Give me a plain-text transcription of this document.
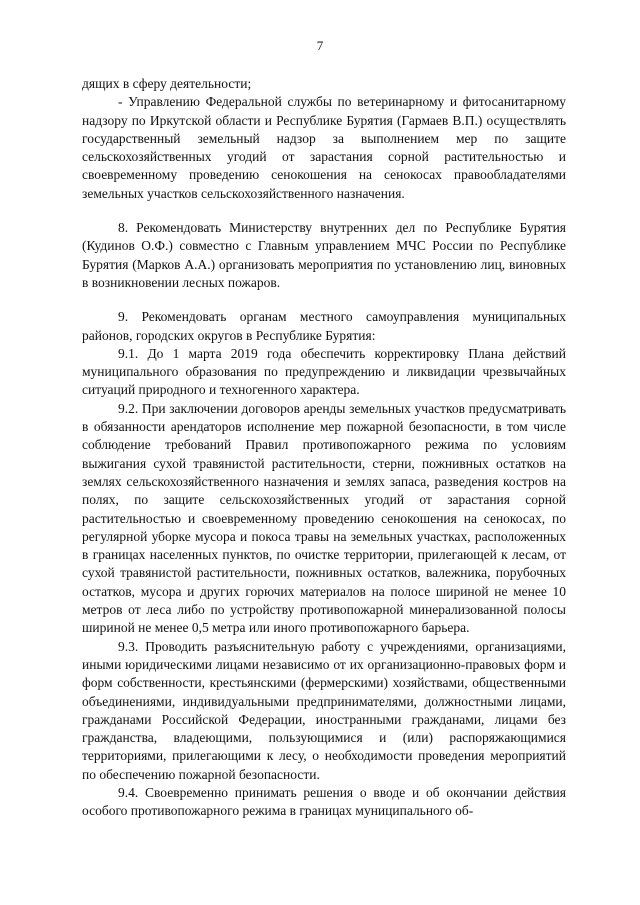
7

дящих в сферу деятельности;

- Управлению Федеральной службы по ветеринарному и фитосанитарному надзору по Иркутской области и Республике Бурятия (Гармаев В.П.) осуществлять государственный земельный надзор за выполнением мер по защите сельскохозяйственных угодий от зарастания сорной растительностью и своевременному проведению сенокошения на сенокосах правообладателями земельных участков сельскохозяйственного назначения.

8. Рекомендовать Министерству внутренних дел по Республике Бурятия (Кудинов О.Ф.) совместно с Главным управлением МЧС России по Республике Бурятия (Марков А.А.) организовать мероприятия по установлению лиц, виновных в возникновении лесных пожаров.

9. Рекомендовать органам местного самоуправления муниципальных районов, городских округов в Республике Бурятия:

9.1. До 1 марта 2019 года обеспечить корректировку Плана действий муниципального образования по предупреждению и ликвидации чрезвычайных ситуаций природного и техногенного характера.

9.2. При заключении договоров аренды земельных участков предусматривать в обязанности арендаторов исполнение мер пожарной безопасности, в том числе соблюдение требований Правил противопожарного режима по условиям выжигания сухой травянистой растительности, стерни, пожнивных остатков на землях сельскохозяйственного назначения и землях запаса, разведения костров на полях, по защите сельскохозяйственных угодий от зарастания сорной растительностью и своевременному проведению сенокошения на сенокосах, по регулярной уборке мусора и покоса травы на земельных участках, расположенных в границах населенных пунктов, по очистке территории, прилегающей к лесам, от сухой травянистой растительности, пожнивных остатков, валежника, порубочных остатков, мусора и других горючих материалов на полосе шириной не менее 10 метров от леса либо по устройству противопожарной минерализованной полосы шириной не менее 0,5 метра или иного противопожарного барьера.

9.3. Проводить разъяснительную работу с учреждениями, организациями, иными юридическими лицами независимо от их организационно-правовых форм и форм собственности, крестьянскими (фермерскими) хозяйствами, общественными объединениями, индивидуальными предпринимателями, должностными лицами, гражданами Российской Федерации, иностранными гражданами, лицами без гражданства, владеющими, пользующимися и (или) распоряжающимися территориями, прилегающими к лесу, о необходимости проведения мероприятий по обеспечению пожарной безопасности.

9.4. Своевременно принимать решения о вводе и об окончании действия особого противопожарного режима в границах муниципального об-
